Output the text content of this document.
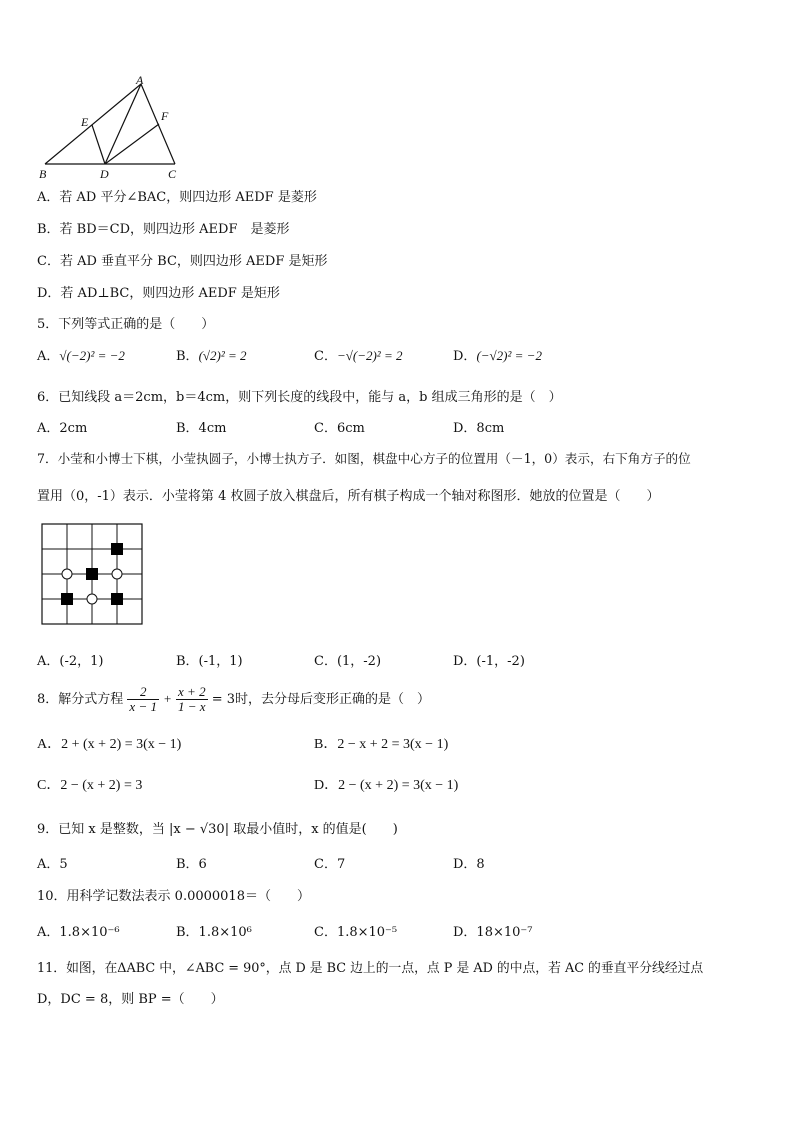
A
E	F
B	D	C
A．若 AD 平分∠BAC，则四边形 AEDF 是菱形
B．若 BD＝CD，则四边形 AEDF　是菱形
C．若 AD 垂直平分 BC，则四边形 AEDF 是矩形
D．若 AD⊥BC，则四边形 AEDF 是矩形
5．下列等式正确的是（　　）
A．√(−2)² = −2	B．(√2)² = 2	C．−√(−2)² = 2	D．(−√2)² = −2
6．已知线段 a＝2cm，b＝4cm，则下列长度的线段中，能与 a，b 组成三角形的是（　）
A．2cm	B．4cm	C．6cm	D．8cm
7．小莹和小博士下棋，小莹执圆子，小博士执方子．如图，棋盘中心方子的位置用（－1，0）表示，右下角方子的位
置用（0，-1）表示．小莹将第 4 枚圆子放入棋盘后，所有棋子构成一个轴对称图形．她放的位置是（　　）
A．(-2，1)	B．(-1，1)	C．(1，-2)	D．(-1，-2)
8．解分式方程 $\frac{2}{x - 1} + \frac{x + 2}{1 - x} = 3$时，去分母后变形正确的是（　）
A．2 + (x + 2) = 3(x − 1)	B．2 − x + 2 = 3(x − 1)
C．2 − (x + 2) = 3	D．2 − (x + 2) = 3(x − 1)
9．已知 x 是整数，当 |x − √30| 取最小值时，x 的值是(　　)
A．5	B．6	C．7	D．8
10．用科学记数法表示 0.0000018＝（　　）
A．1.8×10⁻⁶	B．1.8×10⁶	C．1.8×10⁻⁵	D．18×10⁻⁷
11．如图，在ΔABC 中，∠ABC = 90°，点 D 是 BC 边上的一点，点 P 是 AD 的中点，若 AC 的垂直平分线经过点
D，DC = 8，则 BP =（　　）
